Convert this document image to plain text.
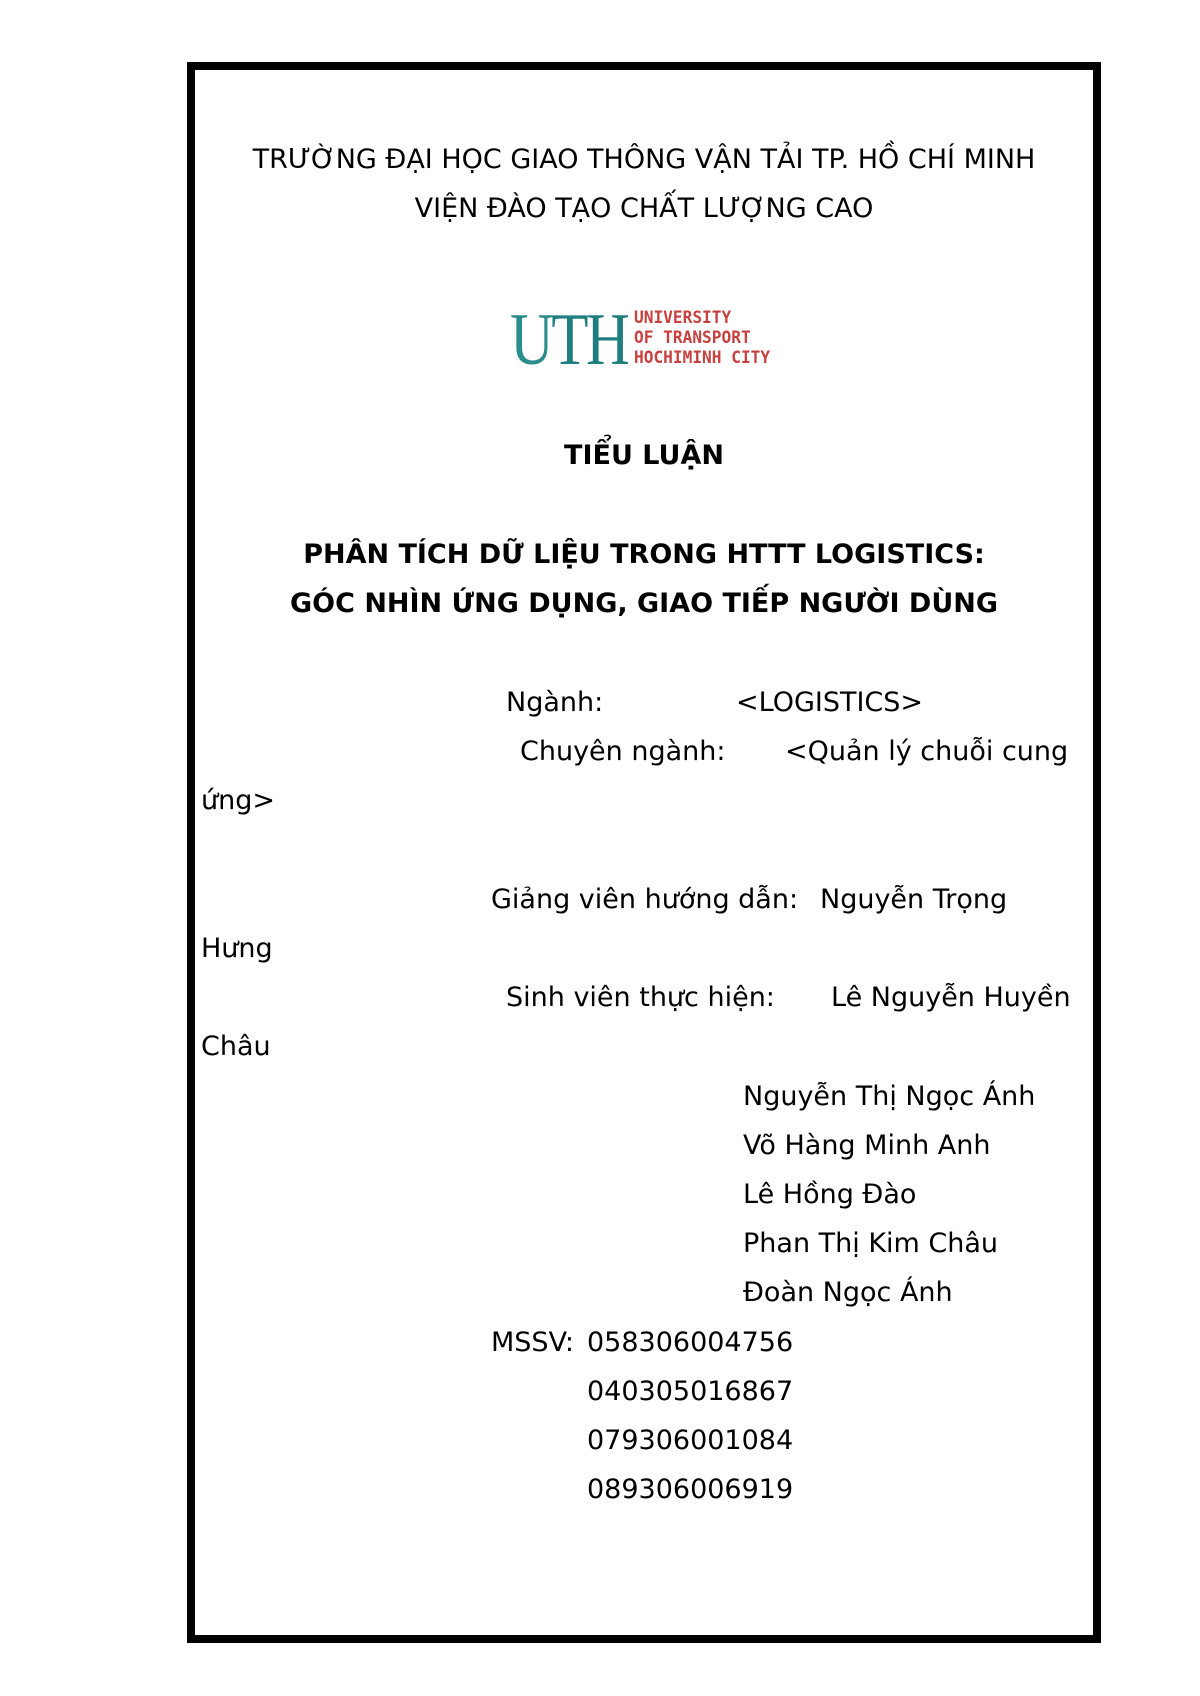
TRƯỜNG ĐẠI HỌC GIAO THÔNG VẬN TẢI TP. HỒ CHÍ MINH
VIỆN ĐÀO TẠO CHẤT LƯỢNG CAO
UTH UNIVERSITY
OF TRANSPORT
HOCHIMINH CITY
TIỂU LUẬN
PHÂN TÍCH DỮ LIỆU TRONG HTTT LOGISTICS:
GÓC NHÌN ỨNG DỤNG, GIAO TIẾP NGƯỜI DÙNG
Ngành:	<LOGISTICS>
Chuyên ngành: <Quản lý chuỗi cung
ứng>
Giảng viên hướng dẫn: Nguyễn Trọng
Hưng
Sinh viên thực hiện: Lê Nguyễn Huyền
Châu
Nguyễn Thị Ngọc Ánh
Võ Hàng Minh Anh
Lê Hồng Đào
Phan Thị Kim Châu
Đoàn Ngọc Ánh
MSSV: 058306004756
040305016867
079306001084
089306006919
